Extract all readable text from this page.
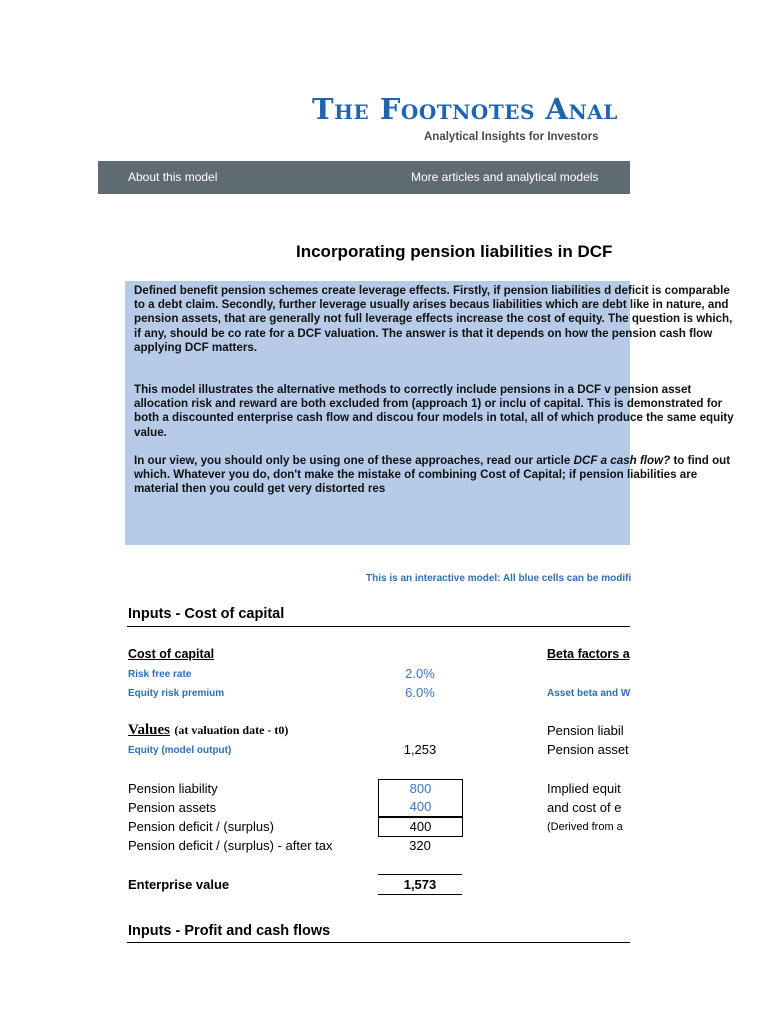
The Footnotes Anal
Analytical Insights for Investors
About this model	More articles and analytical models
Incorporating pension liabilities in DCF

Defined benefit pension schemes create leverage effects. Firstly, if pension liabilities d deficit is comparable to a debt claim. Secondly, further leverage usually arises becaus liabilities which are debt like in nature, and pension assets, that are generally not full leverage effects increase the cost of equity. The question is which, if any, should be co rate for a DCF valuation. The answer is that it depends on how the pension cash flow applying DCF matters.

This model illustrates the alternative methods to correctly include pensions in a DCF v pension asset allocation risk and reward are both excluded from (approach 1) or inclu of capital. This is demonstrated for both a discounted enterprise cash flow and discou four models in total, all of which produce the same equity value.

In our view, you should only be using one of these approaches, read our article DCF a cash flow? to find out which. Whatever you do, don't make the mistake of combining Cost of Capital; if pension liabilities are material then you could get very distorted res

This is an interactive model: All blue cells can be modifi
Inputs - Cost of capital
Cost of capital	Beta factors a
Risk free rate	2.0%
Equity risk premium	6.0%	Asset beta and W
Values (at valuation date - t0)	Pension liabil
Equity (model output)	1,253	Pension asset
Pension liability	800	Implied equit
Pension assets	400	and cost of e
Pension deficit / (surplus)	400	(Derived from a
Pension deficit / (surplus) - after tax	320
Enterprise value	1,573
Inputs - Profit and cash flows
